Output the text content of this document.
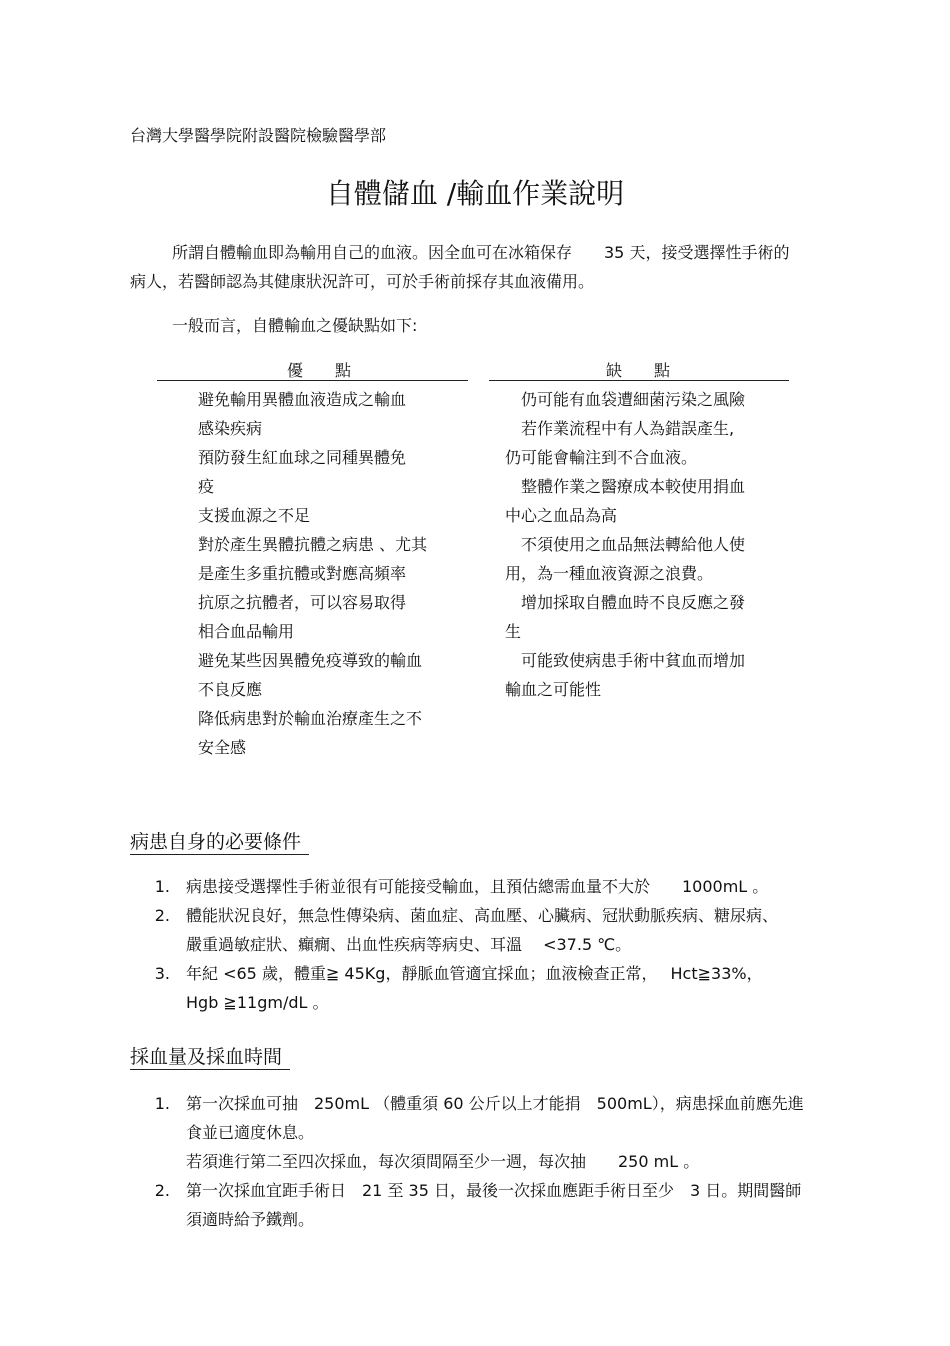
台灣大學醫學院附設醫院檢驗醫學部
自體儲血 /輸血作業說明
所謂自體輸血即為輸用自己的血液。因全血可在冰箱保存　　35 天，接受選擇性手術的
病人，若醫師認為其健康狀況許可，可於手術前採存其血液備用。
一般而言，自體輸血之優缺點如下:
優　　點	缺　　點
避免輸用異體血液造成之輸血
感染疾病
預防發生紅血球之同種異體免
疫
支援血源之不足
對於產生異體抗體之病患 、尤其
是產生多重抗體或對應高頻率
抗原之抗體者，可以容易取得
相合血品輸用
避免某些因異體免疫導致的輸血
不良反應
降低病患對於輸血治療產生之不
安全感
　仍可能有血袋遭細菌污染之風險
　若作業流程中有人為錯誤產生,
仍可能會輸注到不合血液。
　整體作業之醫療成本較使用捐血
中心之血品為高
　不須使用之血品無法轉給他人使
用，為一種血液資源之浪費。
　增加採取自體血時不良反應之發
生
　可能致使病患手術中貧血而增加
輸血之可能性
病患自身的必要條件
1. 病患接受選擇性手術並很有可能接受輸血，且預估總需血量不大於　　1000mL 。
2. 體能狀況良好，無急性傳染病、菌血症、高血壓、心臟病、冠狀動脈疾病、糖尿病、
嚴重過敏症狀、癲癇、出血性疾病等病史、耳溫　 <37.5 ℃。
3. 年紀 <65 歲，體重≧ 45Kg，靜脈血管適宜採血；血液檢查正常，　 Hct≧33%，
Hgb ≧11gm/dL 。
採血量及採血時間
1. 第一次採血可抽　250mL （體重須 60 公斤以上才能捐　500mL），病患採血前應先進
食並已適度休息。
若須進行第二至四次採血，每次須間隔至少一週，每次抽　　250 mL 。
2. 第一次採血宜距手術日　21 至 35 日，最後一次採血應距手術日至少　3 日。期間醫師
須適時給予鐵劑。
